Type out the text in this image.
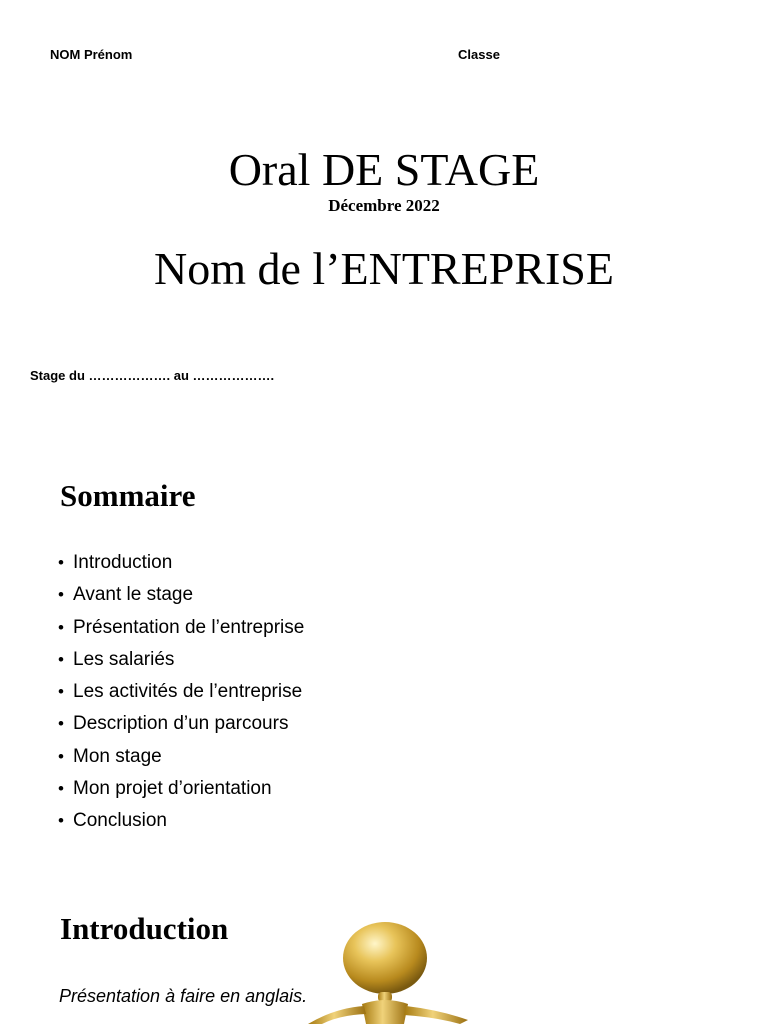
NOM Prénom	Classe
Oral DE STAGE
Décembre 2022
Nom de l’ENTREPRISE
Stage du ………………. au ……………….
Sommaire
• Introduction
• Avant le stage
• Présentation de l’entreprise
• Les salariés
• Les activités de l’entreprise
• Description d’un parcours
• Mon stage
• Mon projet d’orientation
• Conclusion
Introduction
Présentation à faire en anglais.
